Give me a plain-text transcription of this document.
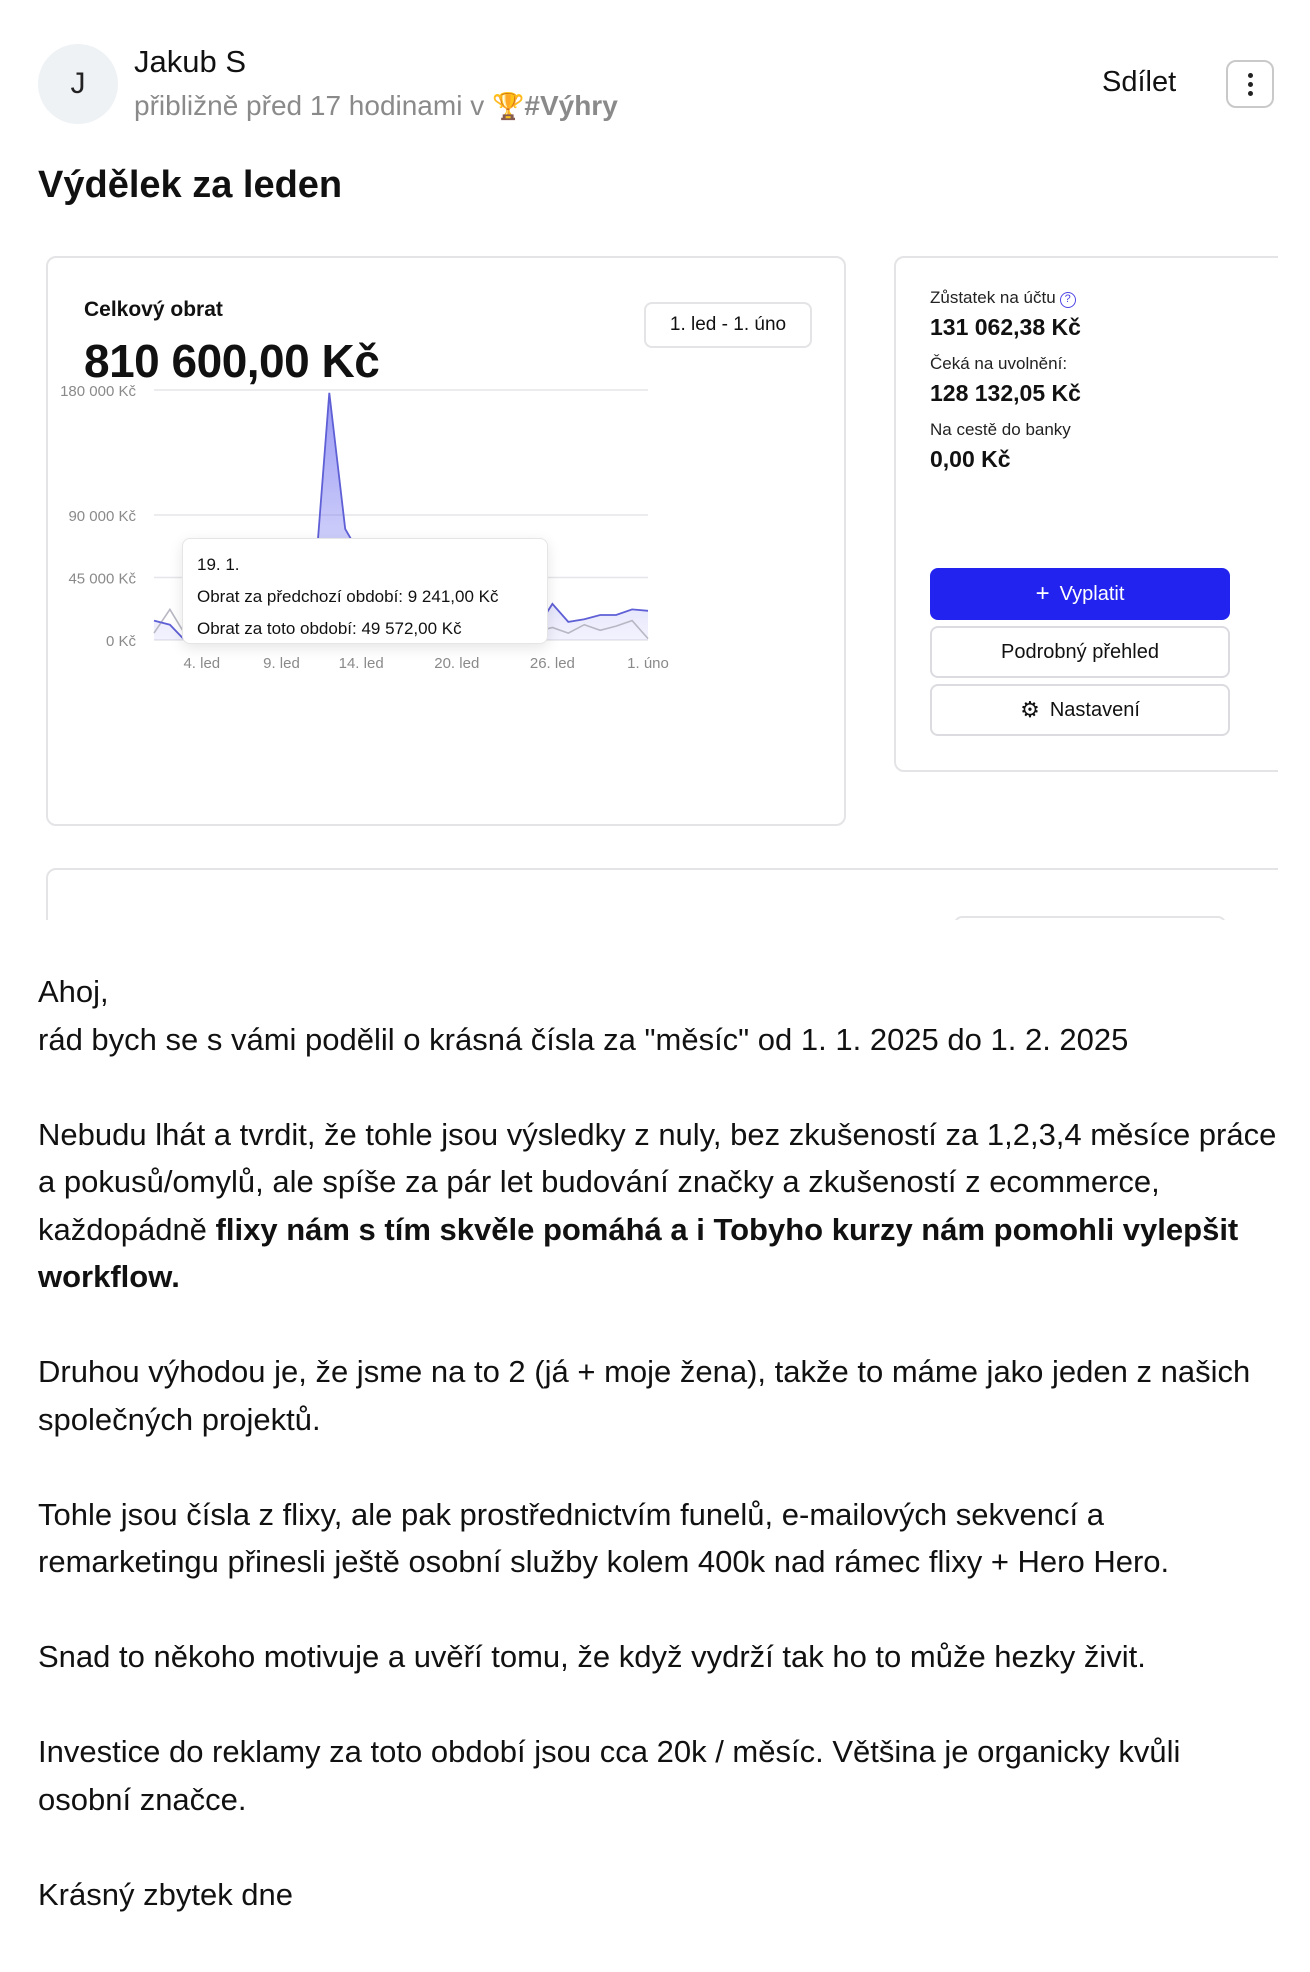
J
Jakub S
přibližně před 17 hodinami v 🏆#Výhry
Sdílet
Výdělek za leden
0 Kč
45 000 Kč
90 000 Kč
180 000 Kč
4. led	9. led	14. led	20. led	26. led	1. úno
Celkový obrat
810 600,00 Kč
1. led - 1. úno
19. 1.
Obrat za předchozí období: 9 241,00 Kč
Obrat za toto období: 49 572,00 Kč
Zůstatek na účtu ?
131 062,38 Kč
Čeká na uvolnění:
128 132,05 Kč
Na cestě do banky
0,00 Kč
+ Vyplatit
Podrobný přehled
⚙ Nastavení

Ahoj,
rád bych se s vámi podělil o krásná čísla za "měsíc" od 1. 1. 2025 do 1. 2. 2025

Nebudu lhát a tvrdit, že tohle jsou výsledky z nuly, bez zkušeností za 1,2,3,4 měsíce práce a pokusů/omylů, ale spíše za pár let budování značky a zkušeností z ecommerce, každopádně flixy nám s tím skvěle pomáhá a i Tobyho kurzy nám pomohli vylepšit workflow.

Druhou výhodou je, že jsme na to 2 (já + moje žena), takže to máme jako jeden z našich společných projektů.

Tohle jsou čísla z flixy, ale pak prostřednictvím funelů, e-mailových sekvencí a remarketingu přinesli ještě osobní služby kolem 400k nad rámec flixy + Hero Hero.

Snad to někoho motivuje a uvěří tomu, že když vydrží tak ho to může hezky živit.

Investice do reklamy za toto období jsou cca 20k / měsíc. Většina je organicky kvůli osobní značce.

Krásný zbytek dne
